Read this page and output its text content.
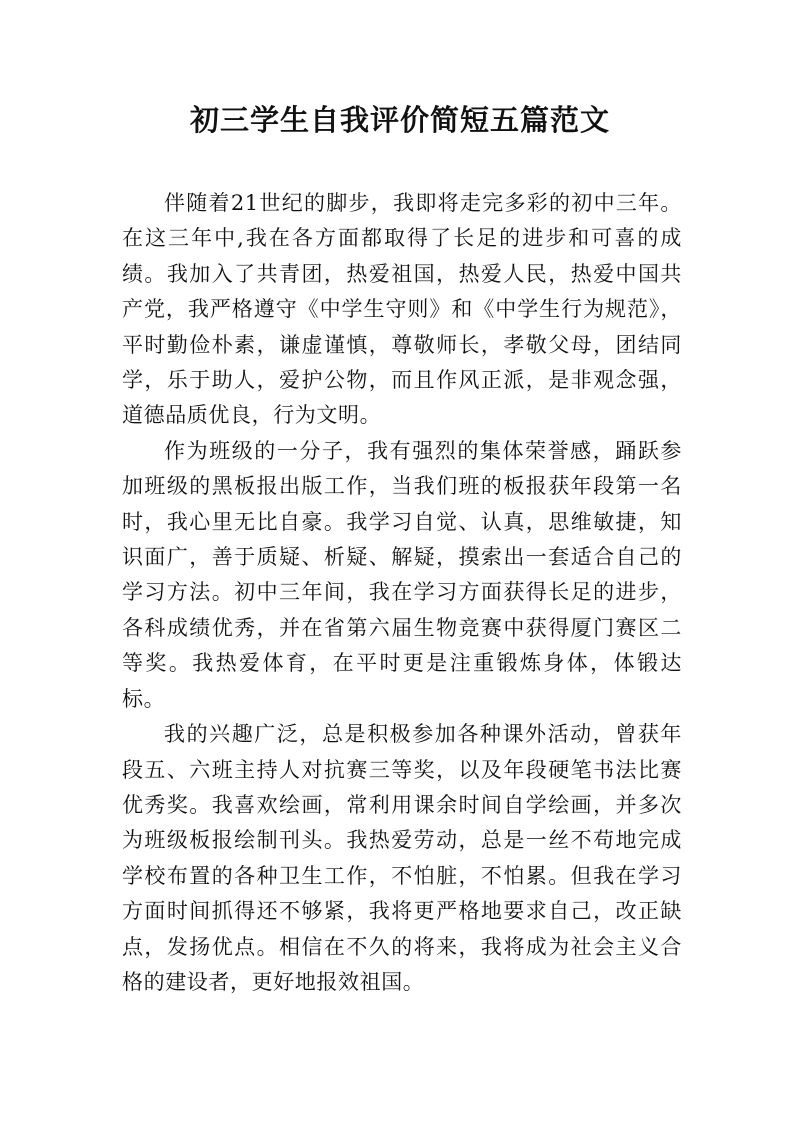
初三学生自我评价简短五篇范文

伴随着21世纪的脚步，我即将走完多彩的初中三年。在这三年中,我在各方面都取得了长足的进步和可喜的成绩。我加入了共青团，热爱祖国，热爱人民，热爱中国共产党，我严格遵守《中学生守则》和《中学生行为规范》，平时勤俭朴素，谦虚谨慎，尊敬师长，孝敬父母，团结同学，乐于助人，爱护公物，而且作风正派，是非观念强，道德品质优良，行为文明。

作为班级的一分子，我有强烈的集体荣誉感，踊跃参加班级的黑板报出版工作，当我们班的板报获年段第一名时，我心里无比自豪。我学习自觉、认真，思维敏捷，知识面广，善于质疑、析疑、解疑，摸索出一套适合自己的学习方法。初中三年间，我在学习方面获得长足的进步，各科成绩优秀，并在省第六届生物竞赛中获得厦门赛区二等奖。我热爱体育，在平时更是注重锻炼身体，体锻达标。

我的兴趣广泛，总是积极参加各种课外活动，曾获年段五、六班主持人对抗赛三等奖，以及年段硬笔书法比赛优秀奖。我喜欢绘画，常利用课余时间自学绘画，并多次为班级板报绘制刊头。我热爱劳动，总是一丝不苟地完成学校布置的各种卫生工作，不怕脏，不怕累。但我在学习方面时间抓得还不够紧，我将更严格地要求自己，改正缺点，发扬优点。相信在不久的将来，我将成为社会主义合格的建设者，更好地报效祖国。
